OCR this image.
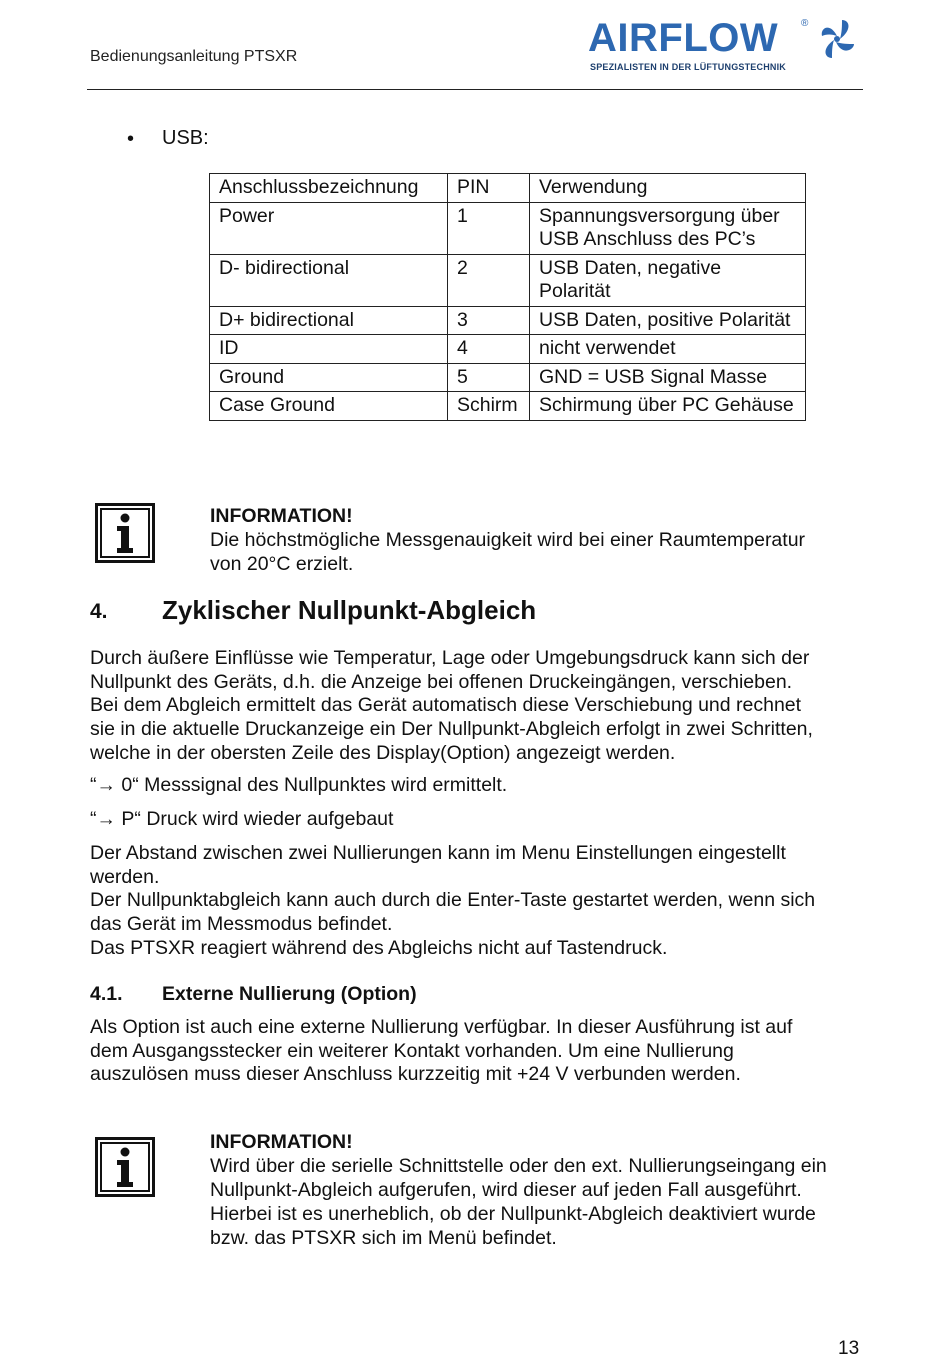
Bedienungsanleitung PTSXR	AIRFLOW ®
SPEZIALISTEN IN DER LÜFTUNGSTECHNIK
• USB:
Anschlussbezeichnung	PIN	Verwendung
Power	1	Spannungsversorgung über USB Anschluss des PC’s
D- bidirectional	2	USB Daten, negative Polarität
D+ bidirectional	3	USB Daten, positive Polarität
ID	4	nicht verwendet
Ground	5	GND = USB Signal Masse
Case Ground	Schirm	Schirmung über PC Gehäuse
INFORMATION!
Die höchstmögliche Messgenauigkeit wird bei einer Raumtemperatur
von 20°C erzielt.
4. Zyklischer Nullpunkt-Abgleich
Durch äußere Einflüsse wie Temperatur, Lage oder Umgebungsdruck kann sich der
Nullpunkt des Geräts, d.h. die Anzeige bei offenen Druckeingängen, verschieben.
Bei dem Abgleich ermittelt das Gerät automatisch diese Verschiebung und rechnet
sie in die aktuelle Druckanzeige ein Der Nullpunkt-Abgleich erfolgt in zwei Schritten,
welche in der obersten Zeile des Display(Option) angezeigt werden.
“→ 0“ Messsignal des Nullpunktes wird ermittelt.
“→ P“ Druck wird wieder aufgebaut
Der Abstand zwischen zwei Nullierungen kann im Menu Einstellungen eingestellt
werden.
Der Nullpunktabgleich kann auch durch die Enter-Taste gestartet werden, wenn sich
das Gerät im Messmodus befindet.
Das PTSXR reagiert während des Abgleichs nicht auf Tastendruck.
4.1. Externe Nullierung (Option)
Als Option ist auch eine externe Nullierung verfügbar. In dieser Ausführung ist auf
dem Ausgangsstecker ein weiterer Kontakt vorhanden. Um eine Nullierung
auszulösen muss dieser Anschluss kurzzeitig mit +24 V verbunden werden.
INFORMATION!
Wird über die serielle Schnittstelle oder den ext. Nullierungseingang ein
Nullpunkt-Abgleich aufgerufen, wird dieser auf jeden Fall ausgeführt.
Hierbei ist es unerheblich, ob der Nullpunkt-Abgleich deaktiviert wurde
bzw. das PTSXR sich im Menü befindet.
13
